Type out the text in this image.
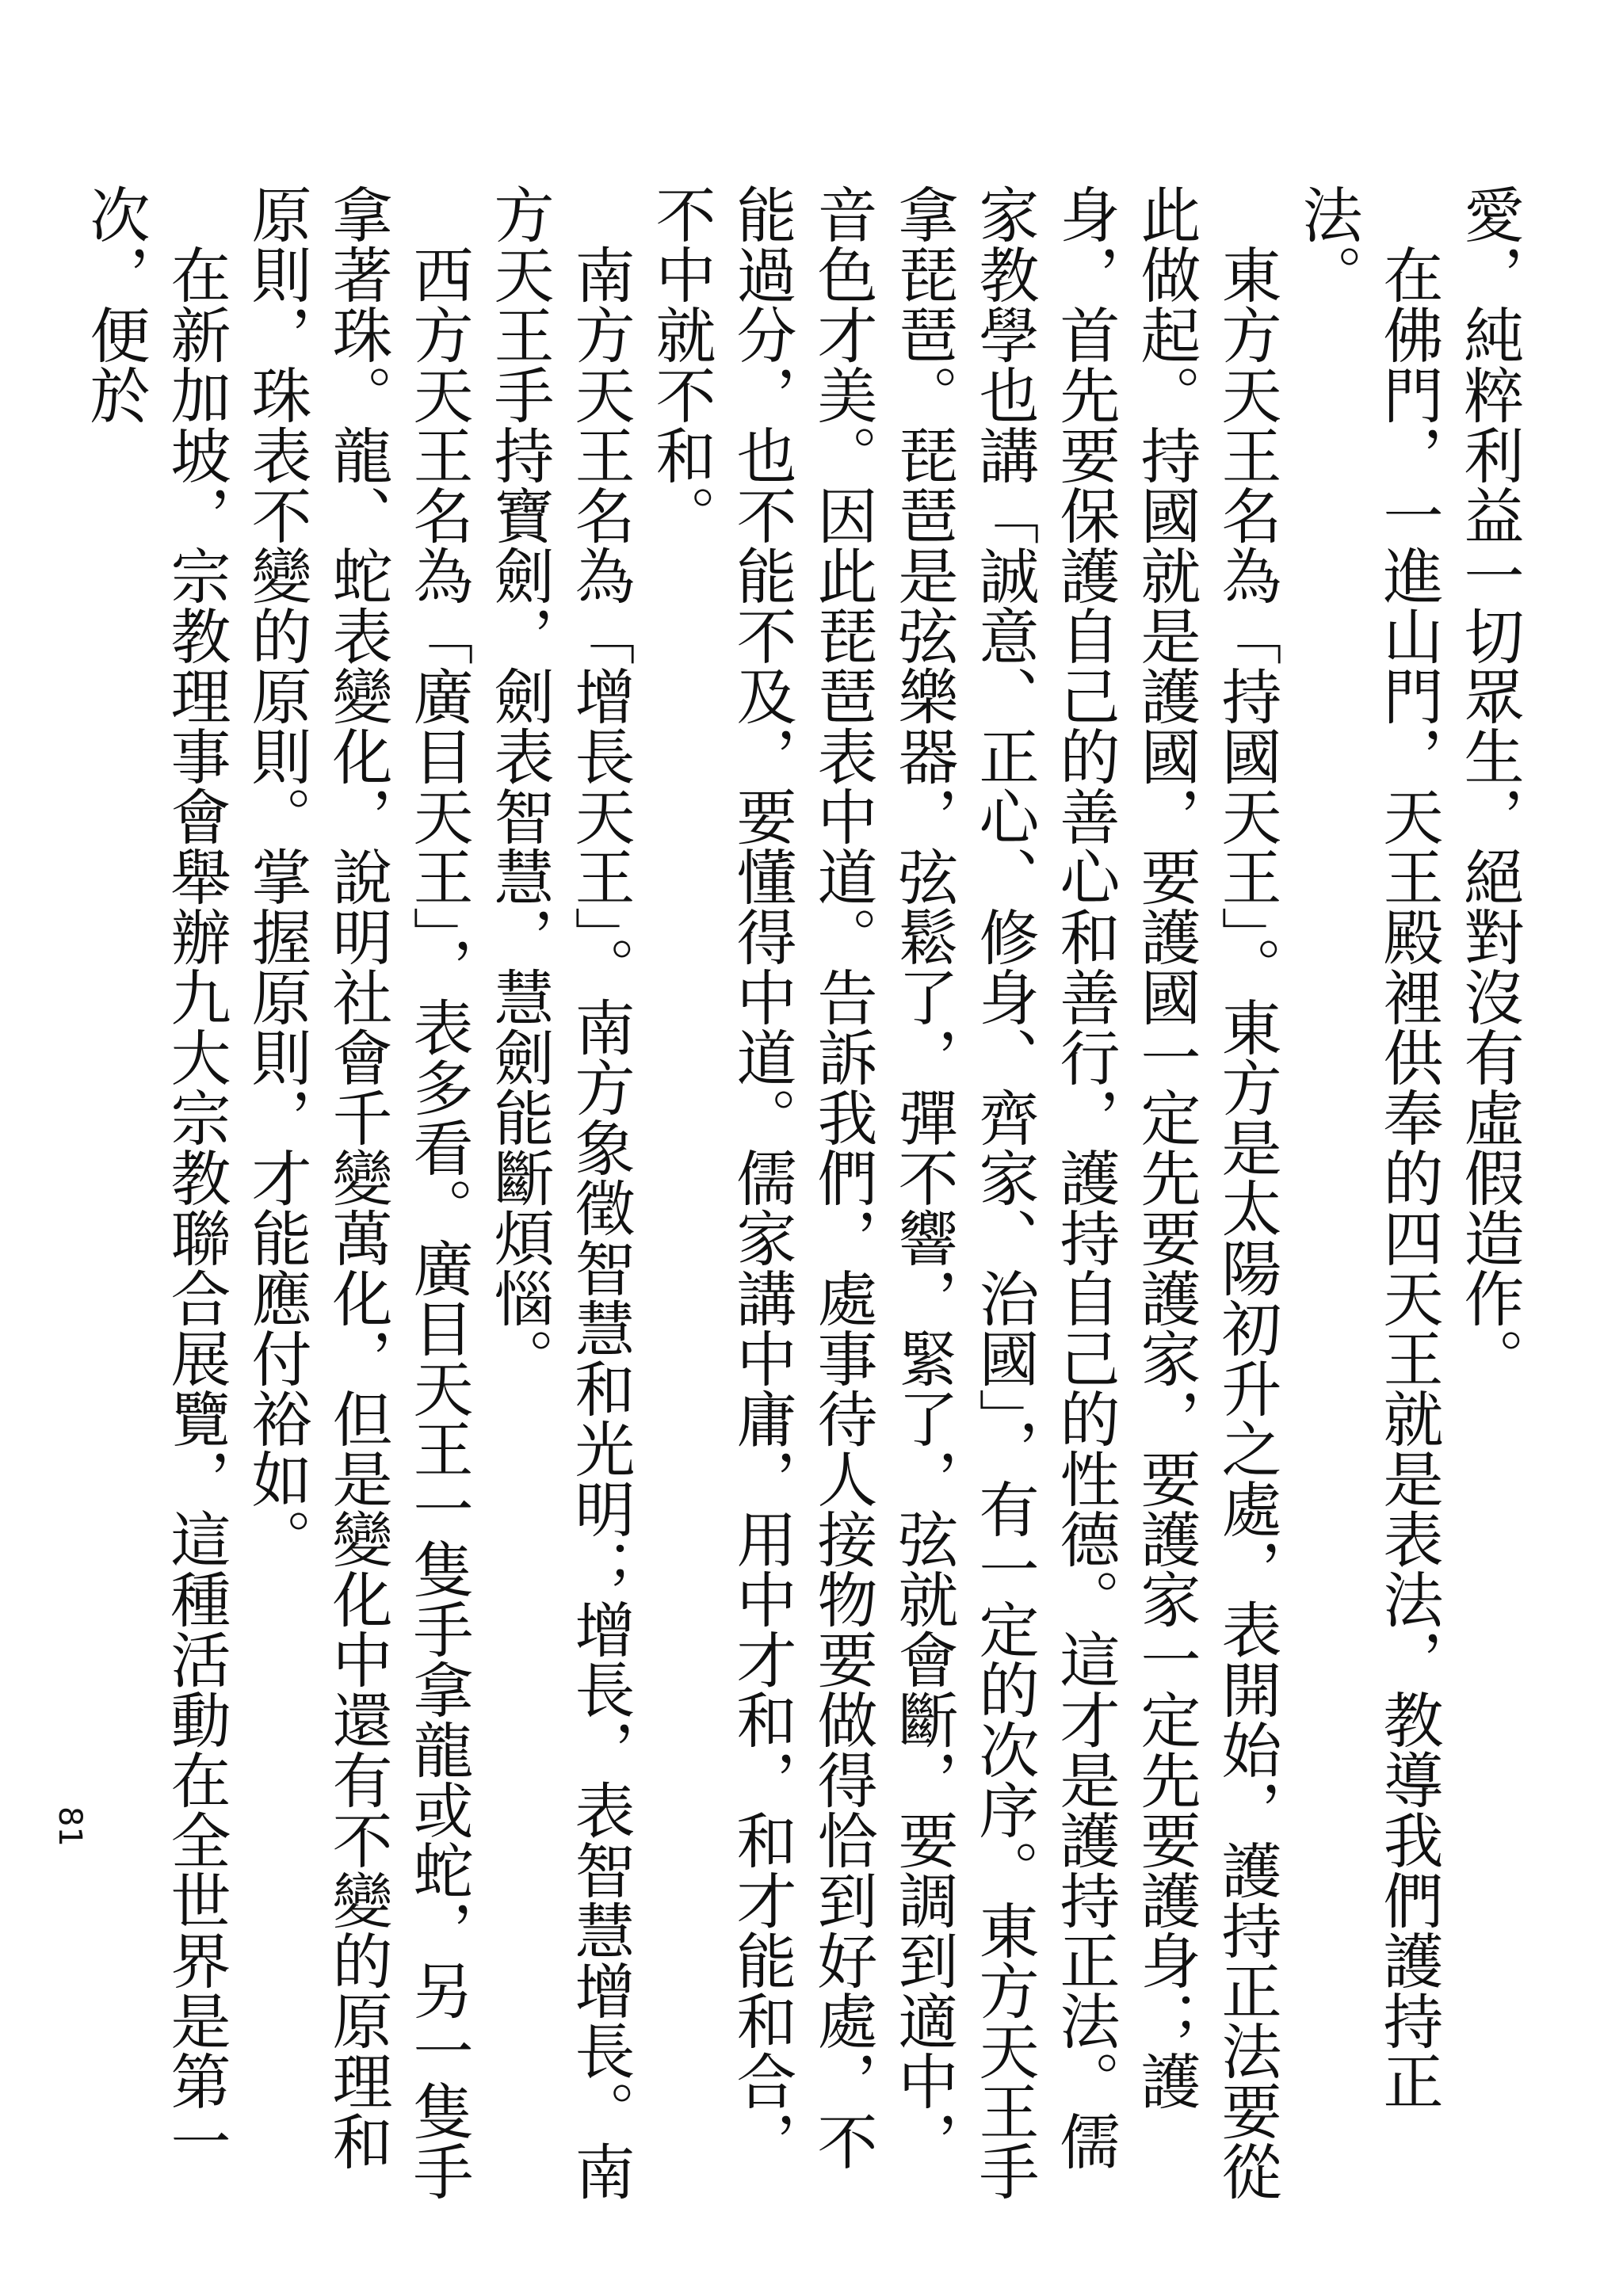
愛，純粹利益一切眾生，絕對沒有虛假造作。

　在佛門，一進山門，天王殿裡供奉的四天王就是表法，教導我們護持正法。

　東方天王名為「持國天王」。東方是太陽初升之處，表開始，護持正法要從此做起。持國就是護國，要護國一定先要護家，要護家一定先要護身；護身，首先要保護自己的善心和善行，護持自己的性德。這才是護持正法。儒家教學也講「誠意、正心、修身、齊家、治國」，有一定的次序。東方天王手拿琵琶。琵琶是弦樂器，弦鬆了，彈不響，緊了，弦就會斷，要調到適中，音色才美。因此琵琶表中道。告訴我們，處事待人接物要做得恰到好處，不能過分，也不能不及，要懂得中道。儒家講中庸，用中才和，和才能和合，不中就不和。

　南方天王名為「增長天王」。南方象徵智慧和光明；增長，表智慧增長。南方天王手持寶劍，劍表智慧，慧劍能斷煩惱。

　西方天王名為「廣目天王」，表多看。廣目天王一隻手拿龍或蛇，另一隻手拿著珠。龍、蛇表變化，說明社會千變萬化，但是變化中還有不變的原理和原則，珠表不變的原則。掌握原則，才能應付裕如。

　在新加坡，宗教理事會舉辦九大宗教聯合展覽，這種活動在全世界是第一次，便於

81
